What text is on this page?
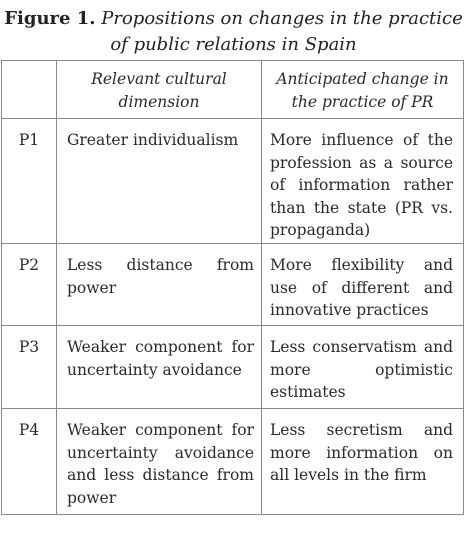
Figure 1. Propositions on changes in the practice of public relations in Spain
	Relevant cultural dimension	Anticipated change in the practice of PR
P1	Greater individualism	More influence of the profession as a source of information rather than the state (PR vs. propaganda)
P2	Less distance from power	More flexibility and use of different and innovative practices
P3	Weaker component for uncertainty avoidance	Less conservatism and more optimistic estimates
P4	Weaker component for uncertainty avoidance and less distance from power	Less secretism and more information on all levels in the firm
